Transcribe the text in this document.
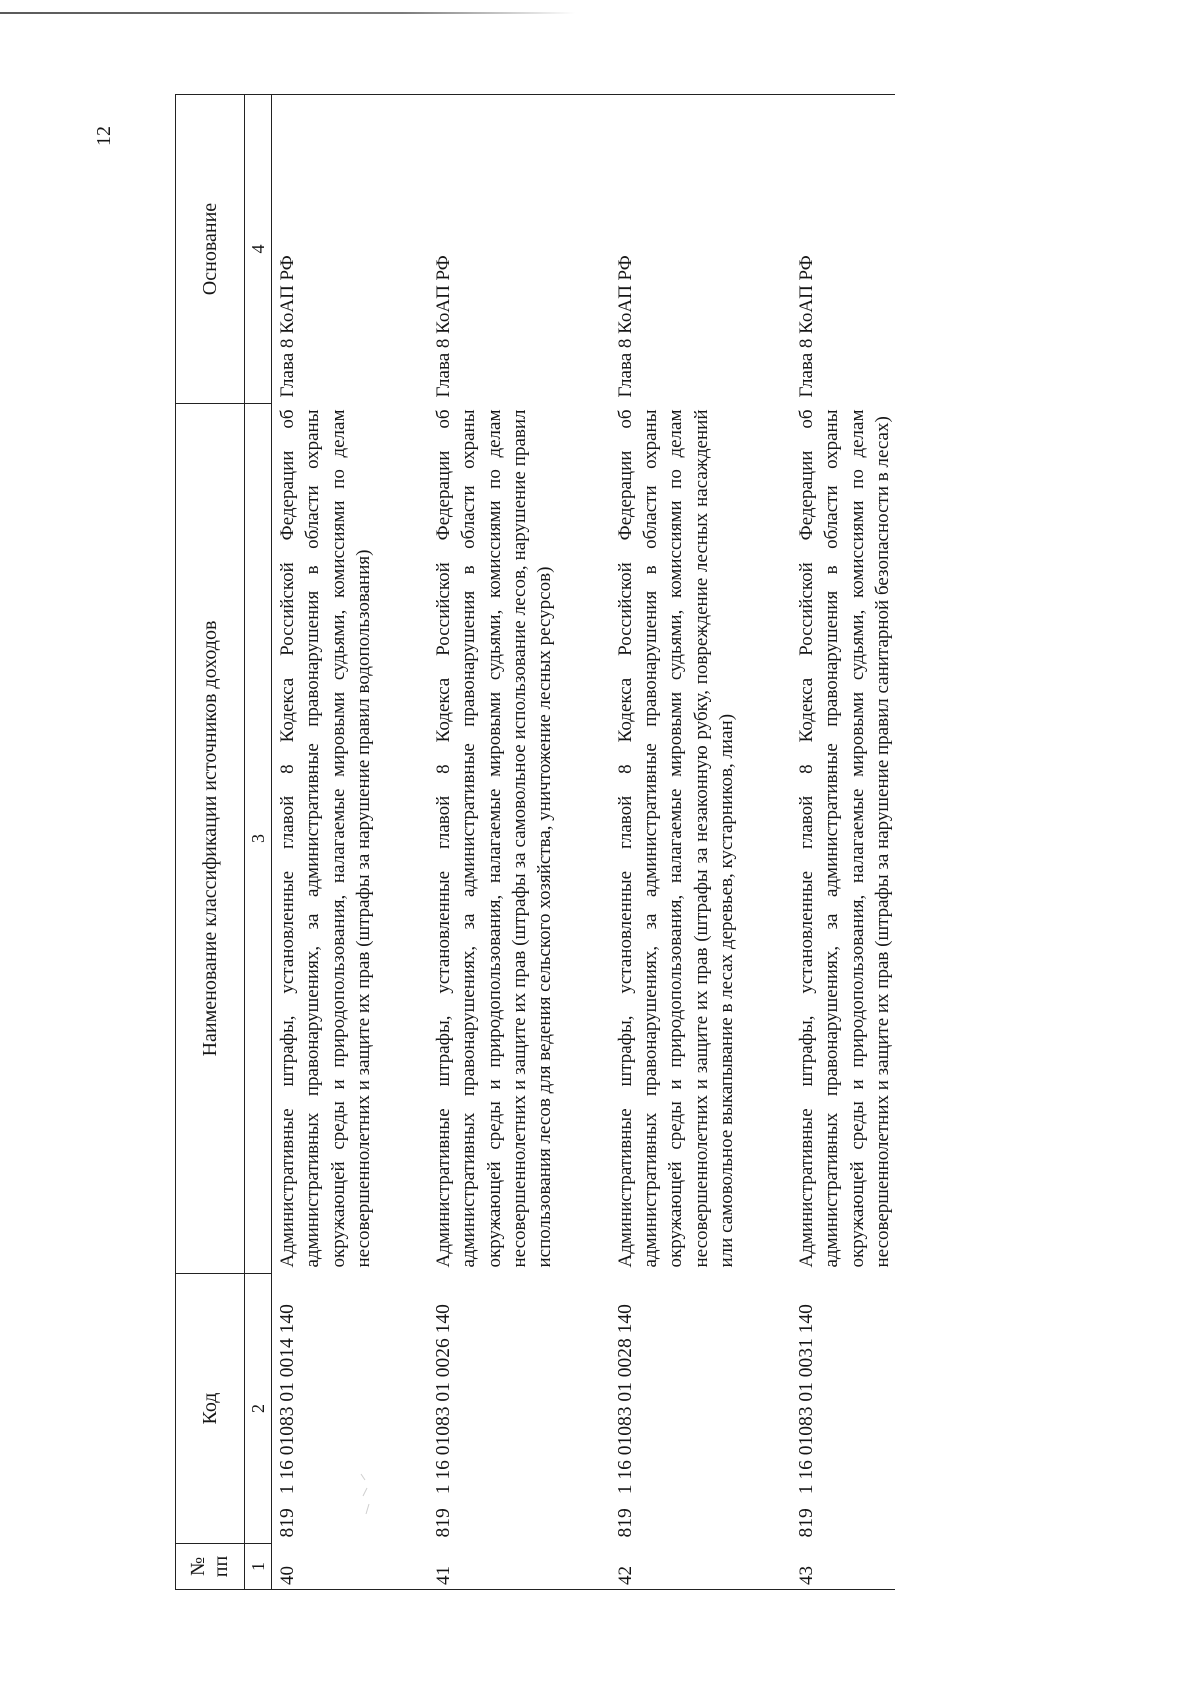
12
№ пп	Код	Наименование классификации источников доходов	Основание
1	2	3	4
40	8191 16 01083 01 0014 140	Административные штрафы, установленные главой 8 Кодекса Российской Федерации об административных правонарушениях, за административные правонарушения в области охраны окружающей среды и природопользования, налагаемые мировыми судьями, комиссиями по делам несовершеннолетних и защите их прав (штрафы за нарушение правил водопользования)	Глава 8 КоАП РФ
41	8191 16 01083 01 0026 140	Административные штрафы, установленные главой 8 Кодекса Российской Федерации об административных правонарушениях, за административные правонарушения в области охраны окружающей среды и природопользования, налагаемые мировыми судьями, комиссиями по делам несовершеннолетних и защите их прав (штрафы за самовольное использование лесов, нарушение правил использования лесов для ведения сельского хозяйства, уничтожение лесных ресурсов)	Глава 8 КоАП РФ
42	8191 16 01083 01 0028 140	Административные штрафы, установленные главой 8 Кодекса Российской Федерации об административных правонарушениях, за административные правонарушения в области охраны окружающей среды и природопользования, налагаемые мировыми судьями, комиссиями по делам несовершеннолетних и защите их прав (штрафы за незаконную рубку, повреждение лесных насаждений или самовольное выкапывание в лесах деревьев, кустарников, лиан)	Глава 8 КоАП РФ
43	8191 16 01083 01 0031 140	Административные штрафы, установленные главой 8 Кодекса Российской Федерации об административных правонарушениях, за административные правонарушения в области охраны окружающей среды и природопользования, налагаемые мировыми судьями, комиссиями по делам несовершеннолетних и защите их прав (штрафы за нарушение правил санитарной безопасности в лесах)	Глава 8 КоАП РФ
